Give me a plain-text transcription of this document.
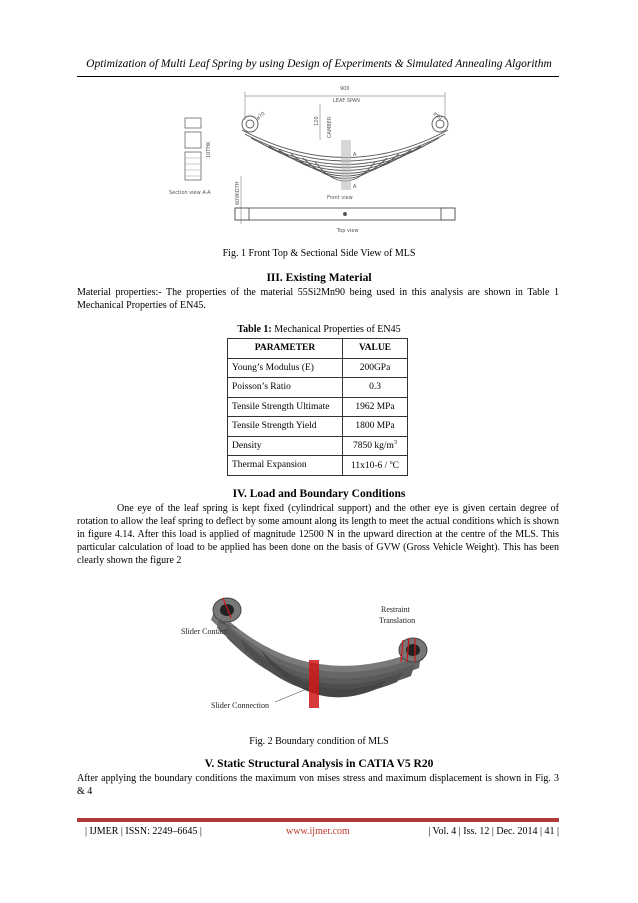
Optimization of Multi Leaf Spring by using Design of Experiments & Simulated Annealing Algorithm
10THK
Section view A-A
900
LEAF SPAN
120 CAMBER
ø70	ø90
A
A
Front view
60WIDTH
Top view
Fig. 1 Front Top & Sectional Side View of MLS
III. Existing Material
Material properties:- The properties of the material 55Si2Mn90 being used in this analysis are shown in Table 1 Mechanical Properties of EN45.
Table 1: Mechanical Properties of EN45
PARAMETER	VALUE
Young’s Modulus (E)	200GPa
Poisson’s Ratio	0.3
Tensile Strength Ultimate	1962 MPa
Tensile Strength Yield	1800 MPa
Density	7850 $kg/m^3$
Thermal Expansion	11x10-6 / $^o$C
IV. Load and Boundary Conditions
One eye of the leaf spring is kept fixed (cylindrical support) and the other eye is given certain degree of rotation to allow the leaf spring to deflect by some amount along its length to meet the actual conditions which is shown in figure 4.14. After this load is applied of magnitude 12500 N in the upward direction at the centre of the MLS. This particular calculation of load to be applied has been done on the basis of GVW (Gross Vehicle Weight). This has been clearly shown the figure 2
Slider Contact
Restraint
Translation
Slider Connection
Fig. 2 Boundary condition of MLS
V. Static Structural Analysis in CATIA V5 R20
After applying the boundary conditions the maximum von mises stress and maximum displacement is shown in Fig. 3 & 4
| IJMER | ISSN: 2249–6645 |	www.ijmer.com	| Vol. 4 | Iss. 12 | Dec. 2014 | 41 |
